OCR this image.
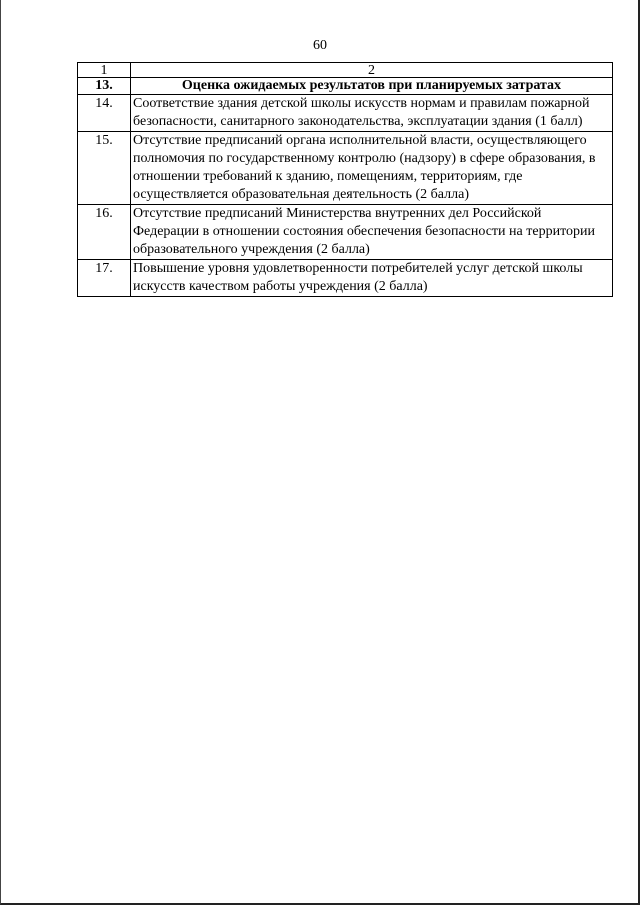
60
1	2
13.	Оценка ожидаемых результатов при планируемых затратах
14.	Соответствие здания детской школы искусств нормам и правилам пожарной безопасности, санитарного законодательства, эксплуатации здания (1 балл)
15.	Отсутствие предписаний органа исполнительной власти, осуществляющего полномочия по государственному контролю (надзору) в сфере образования, в отношении требований к зданию, помещениям, территориям, где осуществляется образовательная деятельность (2 балла)
16.	Отсутствие предписаний Министерства внутренних дел Российской Федерации в отношении состояния обеспечения безопасности на территории образовательного учреждения (2 балла)
17.	Повышение уровня удовлетворенности потребителей услуг детской школы искусств качеством работы учреждения (2 балла)
